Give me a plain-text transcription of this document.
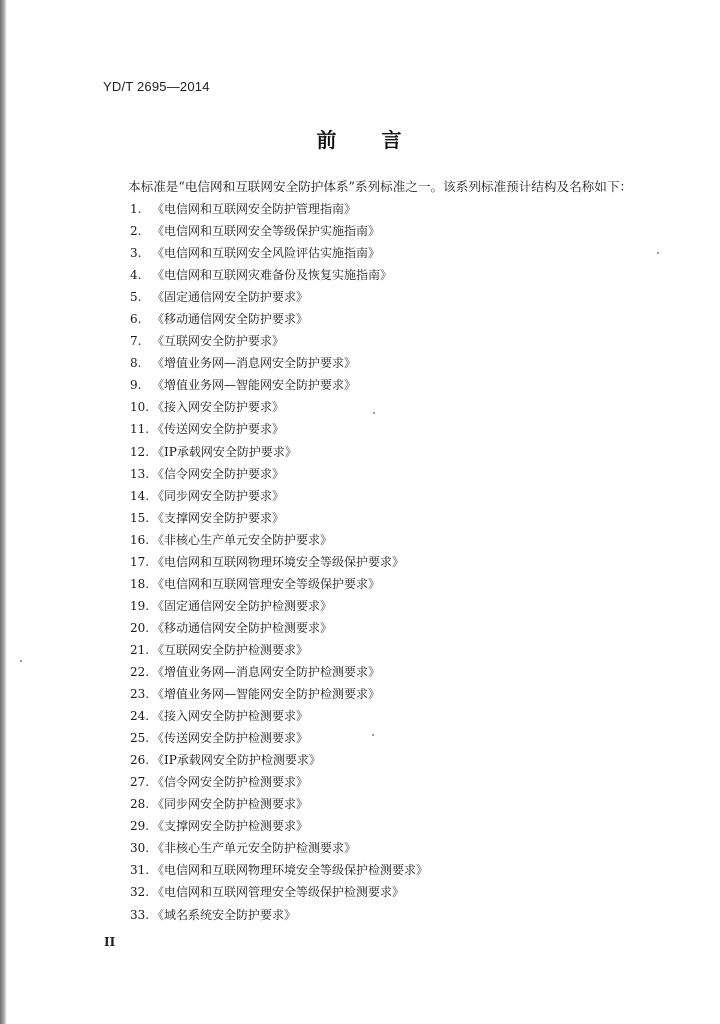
YD/T 2695—2014
前 言
本标准是“电信网和互联网安全防护体系”系列标准之一。该系列标准预计结构及名称如下：
1. 《电信网和互联网安全防护管理指南》
2. 《电信网和互联网安全等级保护实施指南》
3. 《电信网和互联网安全风险评估实施指南》
4. 《电信网和互联网灾难备份及恢复实施指南》
5. 《固定通信网安全防护要求》
6. 《移动通信网安全防护要求》
7. 《互联网安全防护要求》
8. 《增值业务网—消息网安全防护要求》
9. 《增值业务网—智能网安全防护要求》
10. 《接入网安全防护要求》
11. 《传送网安全防护要求》
12. 《IP承载网安全防护要求》
13. 《信令网安全防护要求》
14. 《同步网安全防护要求》
15. 《支撑网安全防护要求》
16. 《非核心生产单元安全防护要求》
17. 《电信网和互联网物理环境安全等级保护要求》
18. 《电信网和互联网管理安全等级保护要求》
19. 《固定通信网安全防护检测要求》
20. 《移动通信网安全防护检测要求》
21. 《互联网安全防护检测要求》
22. 《增值业务网—消息网安全防护检测要求》
23. 《增值业务网—智能网安全防护检测要求》
24. 《接入网安全防护检测要求》
25. 《传送网安全防护检测要求》
26. 《IP承载网安全防护检测要求》
27. 《信令网安全防护检测要求》
28. 《同步网安全防护检测要求》
29. 《支撑网安全防护检测要求》
30. 《非核心生产单元安全防护检测要求》
31. 《电信网和互联网物理环境安全等级保护检测要求》
32. 《电信网和互联网管理安全等级保护检测要求》
33. 《域名系统安全防护要求》
II
